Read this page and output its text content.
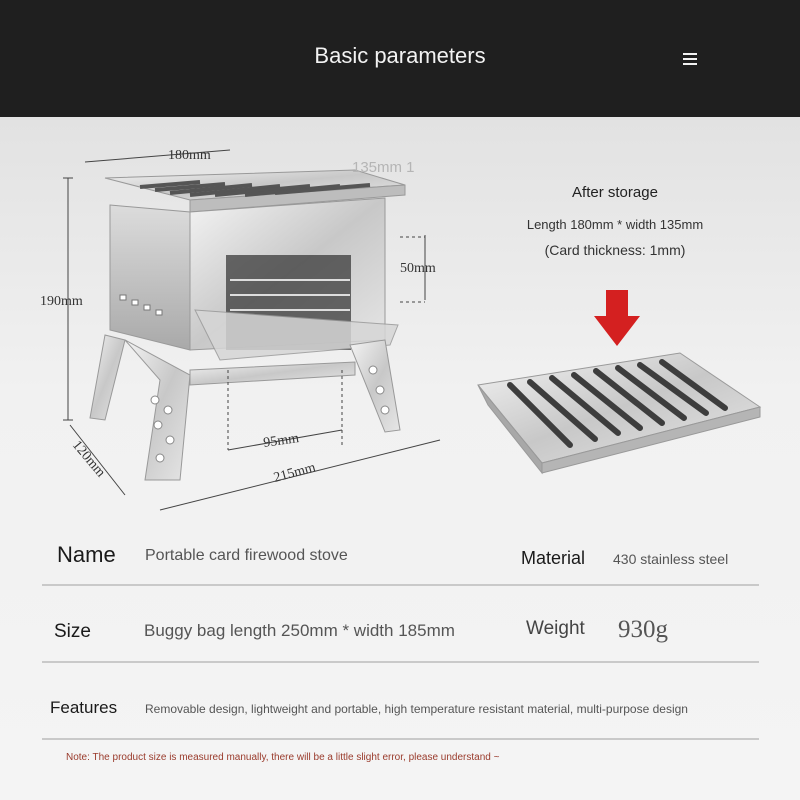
Basic parameters
180mm
135mm 1
190mm
50mm
95mm
120mm	215mm
After storage
Length 180mm * width 135mm
(Card thickness: 1mm)
Name Portable card firewood stove	Material 430 stainless steel
Size	Buggy bag length 250mm * width 185mm	Weight 930g
Features Removable design, lightweight and portable, high temperature resistant material, multi-purpose design
Note: The product size is measured manually, there will be a little slight error, please understand ~
